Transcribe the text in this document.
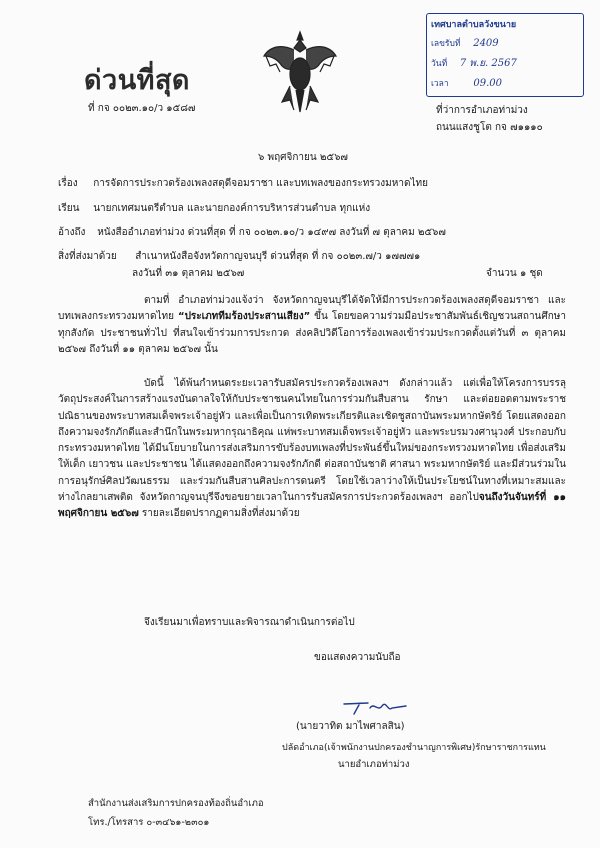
ด่วนที่สุด
ที่ กจ ๐๐๒๓.๑๐/ว ๑๕๘๗
เทศบาลตำบลวังขนาย
เลขรับที่ 2409
วันที่ 7 พ.ย. 2567
เวลา 09.00
ที่ว่าการอำเภอท่าม่วง
ถนนแสงชูโต กจ ๗๑๑๑๐
๖ พฤศจิกายน ๒๕๖๗
เรื่อง การจัดการประกวดร้องเพลงสดุดีจอมราชา และบทเพลงของกระทรวงมหาดไทย
เรียน นายกเทศมนตรีตำบล และนายกองค์การบริหารส่วนตำบล ทุกแห่ง
อ้างถึง หนังสืออำเภอท่าม่วง ด่วนที่สุด ที่ กจ ๐๐๒๓.๑๐/ว ๑๔๙๗ ลงวันที่ ๗ ตุลาคม ๒๕๖๗
สิ่งที่ส่งมาด้วย สำเนาหนังสือจังหวัดกาญจนบุรี ด่วนที่สุด ที่ กจ ๐๐๒๓.๗/ว ๑๗๗๗๑
ลงวันที่ ๓๑ ตุลาคม ๒๕๖๗	จำนวน ๑ ชุด

ตามที่ อำเภอท่าม่วงแจ้งว่า จังหวัดกาญจนบุรีได้จัดให้มีการประกวดร้องเพลงสดุดีจอมราชา และบทเพลงกระทรวงมหาดไทย “ประเภททีมร้องประสานเสียง” ขึ้น โดยขอความร่วมมือประชาสัมพันธ์เชิญชวนสถานศึกษาทุกสังกัด ประชาชนทั่วไป ที่สนใจเข้าร่วมการประกวด ส่งคลิปวิดีโอการร้องเพลงเข้าร่วมประกวดตั้งแต่วันที่ ๓ ตุลาคม ๒๕๖๗ ถึงวันที่ ๑๑ ตุลาคม ๒๕๖๗ นั้น

บัดนี้ ได้พ้นกำหนดระยะเวลารับสมัครประกวดร้องเพลงฯ ดังกล่าวแล้ว แต่เพื่อให้โครงการบรรลุวัตถุประสงค์ในการสร้างแรงบันดาลใจให้กับประชาชนคนไทยในการร่วมกันสืบสาน รักษา และต่อยอดตามพระราชปณิธานของพระบาทสมเด็จพระเจ้าอยู่หัว และเพื่อเป็นการเทิดพระเกียรติและเชิดชูสถาบันพระมหากษัตริย์ โดยแสดงออกถึงความจงรักภักดีและสำนึกในพระมหากรุณาธิคุณ แห่พระบาทสมเด็จพระเจ้าอยู่หัว และพระบรมวงศานุวงศ์ ประกอบกับกระทรวงมหาดไทย ได้มีนโยบายในการส่งเสริมการขับร้องบทเพลงที่ประพันธ์ขึ้นใหม่ของกระทรวงมหาดไทย เพื่อส่งเสริมให้เด็ก เยาวชน และประชาชน ได้แสดงออกถึงความจงรักภักดี ต่อสถาบันชาติ ศาสนา พระมหากษัตริย์ และมีส่วนร่วมในการอนุรักษ์ศิลปวัฒนธรรม และร่วมกันสืบสานศิลปะการดนตรี โดยใช้เวลาว่างให้เป็นประโยชน์ในทางที่เหมาะสมและห่างไกลยาเสพติด จังหวัดกาญจนบุรีจึงขอขยายเวลาในการรับสมัครการประกวดร้องเพลงฯ ออกไปจนถึงวันจันทร์ที่ ๑๑ พฤศจิกายน ๒๕๖๗ รายละเอียดปรากฏตามสิ่งที่ส่งมาด้วย

จึงเรียนมาเพื่อทราบและพิจารณาดำเนินการต่อไป
ขอแสดงความนับถือ
(นายวาทิต มาไพศาลสิน)
ปลัดอำเภอ(เจ้าพนักงานปกครองชำนาญการพิเศษ)รักษาราชการแทน
นายอำเภอท่าม่วง
สำนักงานส่งเสริมการปกครองท้องถิ่นอำเภอ
โทร./โทรสาร ๐-๓๔๖๑-๒๓๐๑
